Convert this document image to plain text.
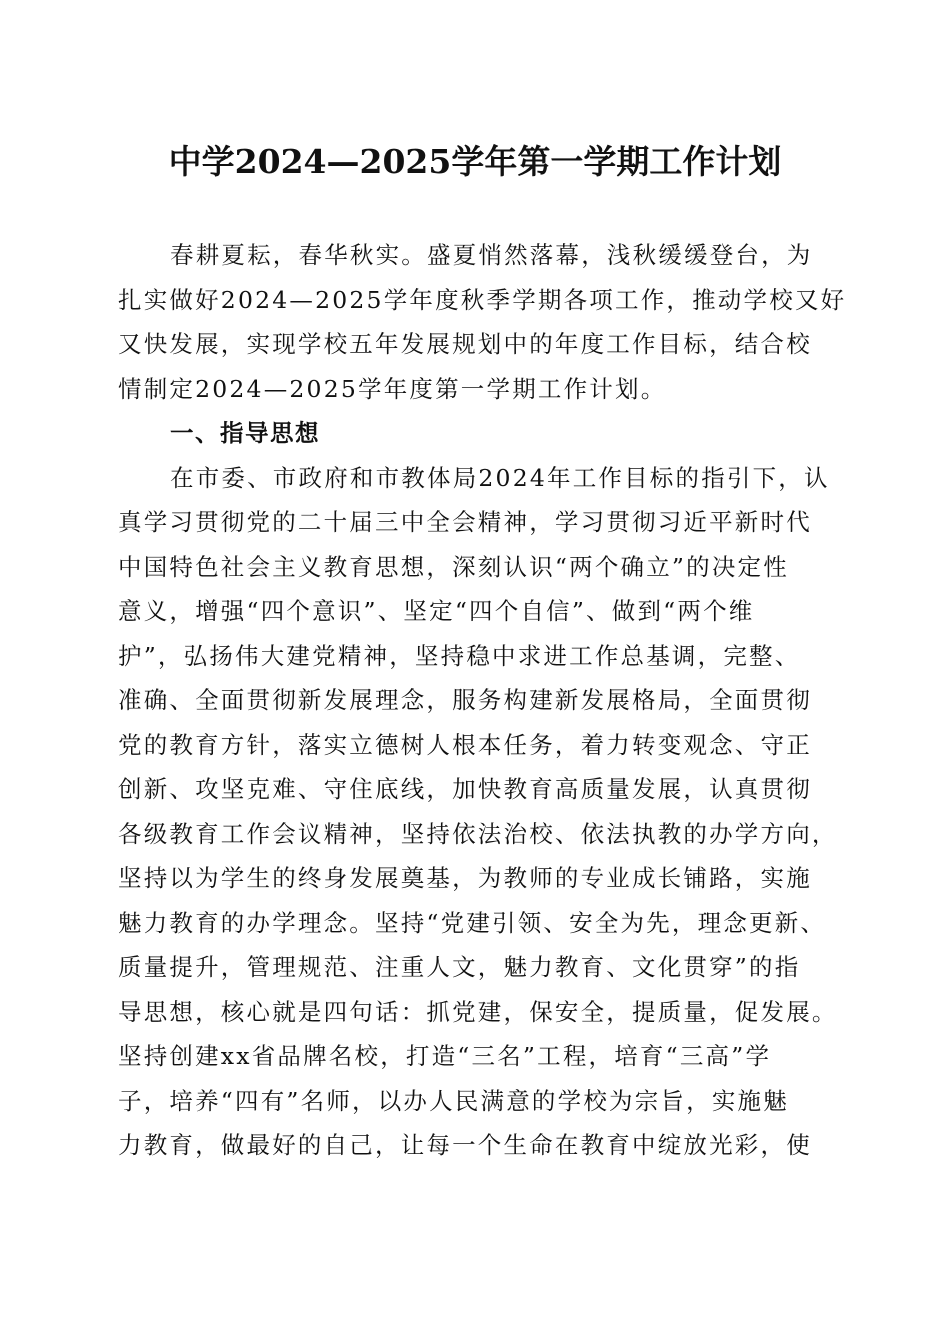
中学2024—2025学年第一学期工作计划
春耕夏耘，春华秋实。盛夏悄然落幕，浅秋缓缓登台，为
扎实做好2024—2025学年度秋季学期各项工作，推动学校又好
又快发展，实现学校五年发展规划中的年度工作目标，结合校
情制定2024—2025学年度第一学期工作计划。
一、指导思想
在市委、市政府和市教体局2024年工作目标的指引下，认
真学习贯彻党的二十届三中全会精神，学习贯彻习近平新时代
中国特色社会主义教育思想，深刻认识“两个确立”的决定性
意义，增强“四个意识”、坚定“四个自信”、做到“两个维
护”，弘扬伟大建党精神，坚持稳中求进工作总基调，完整、
准确、全面贯彻新发展理念，服务构建新发展格局，全面贯彻
党的教育方针，落实立德树人根本任务，着力转变观念、守正
创新、攻坚克难、守住底线，加快教育高质量发展，认真贯彻
各级教育工作会议精神，坚持依法治校、依法执教的办学方向，
坚持以为学生的终身发展奠基，为教师的专业成长铺路，实施
魅力教育的办学理念。坚持“党建引领、安全为先，理念更新、
质量提升，管理规范、注重人文，魅力教育、文化贯穿”的指
导思想，核心就是四句话：抓党建，保安全，提质量，促发展。
坚持创建xx省品牌名校，打造“三名”工程，培育“三高”学
子，培养“四有”名师，以办人民满意的学校为宗旨，实施魅
力教育，做最好的自己，让每一个生命在教育中绽放光彩，使
